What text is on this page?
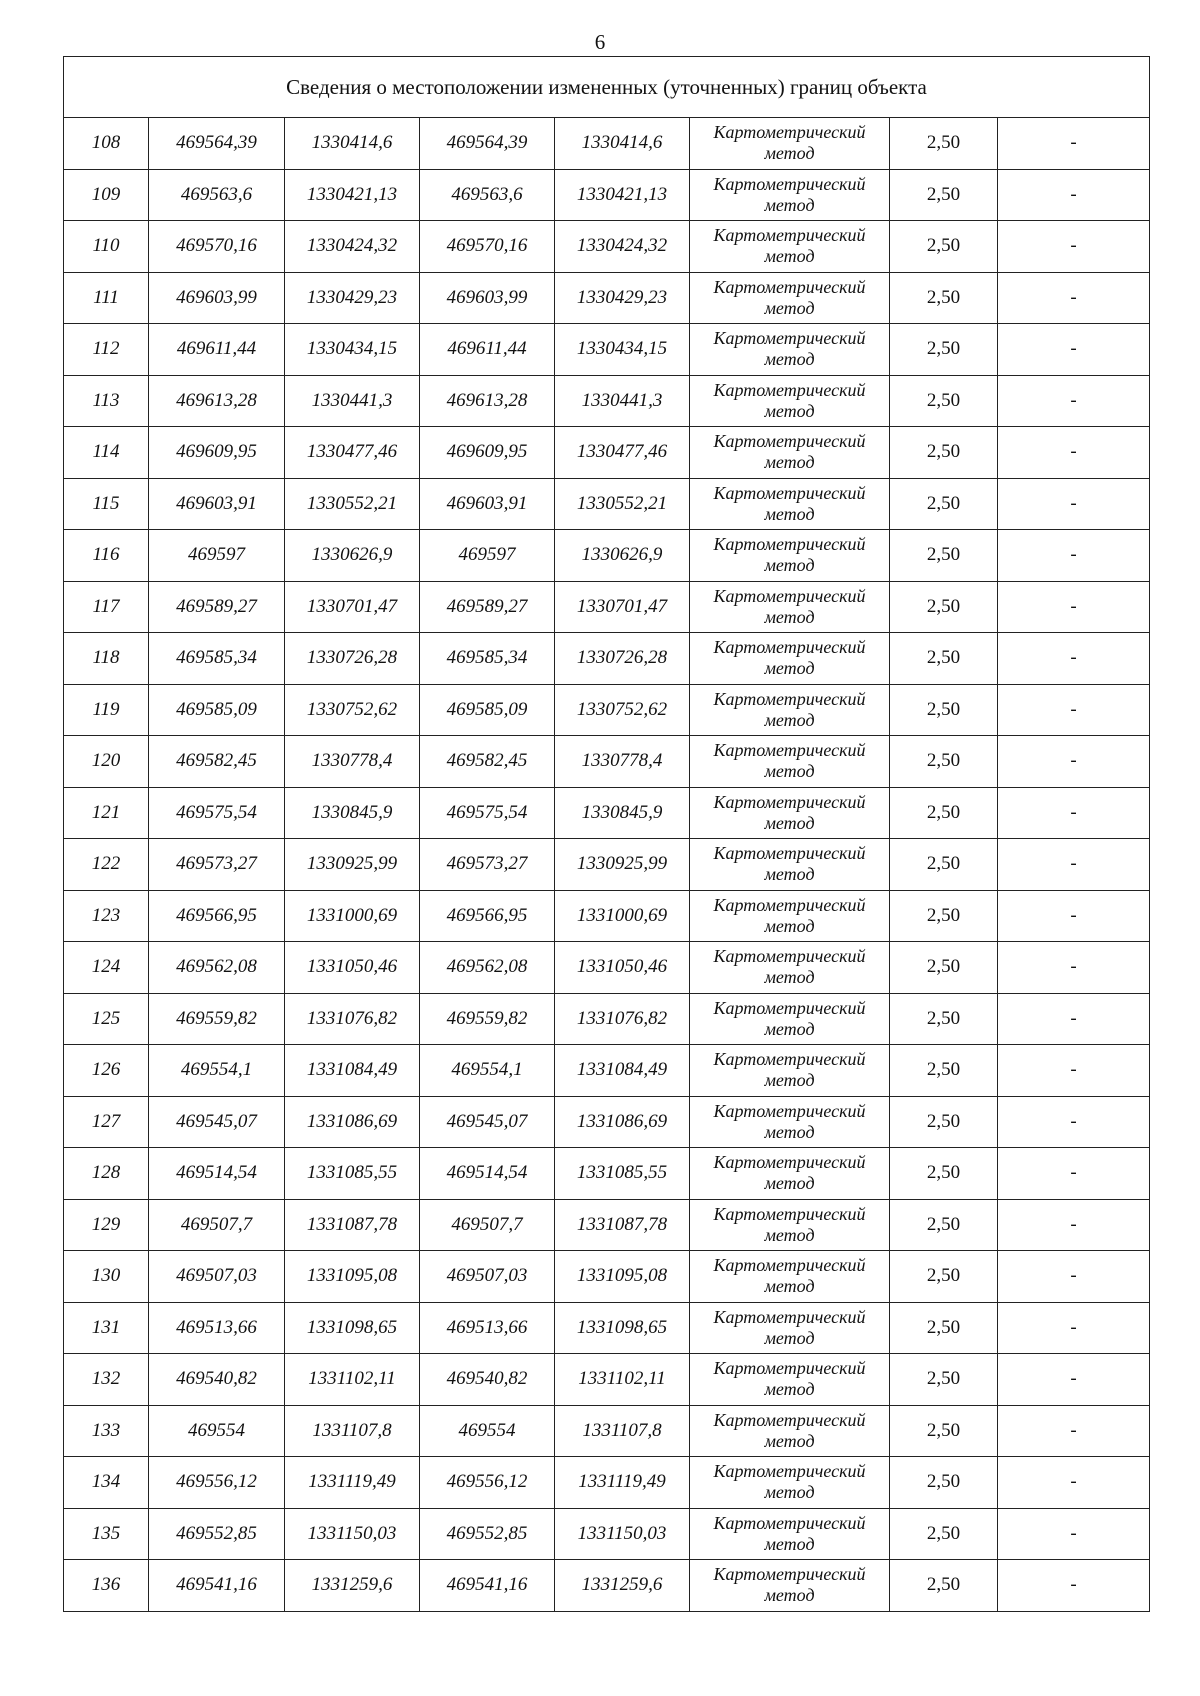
6
Сведения о местоположении измененных (уточненных) границ объекта							
108	469564,39	1330414,6	469564,39	1330414,6	Картометрический
метод	2,50	-
109	469563,6	1330421,13	469563,6	1330421,13	Картометрический
метод	2,50	-
110	469570,16	1330424,32	469570,16	1330424,32	Картометрический
метод	2,50	-
111	469603,99	1330429,23	469603,99	1330429,23	Картометрический
метод	2,50	-
112	469611,44	1330434,15	469611,44	1330434,15	Картометрический
метод	2,50	-
113	469613,28	1330441,3	469613,28	1330441,3	Картометрический
метод	2,50	-
114	469609,95	1330477,46	469609,95	1330477,46	Картометрический
метод	2,50	-
115	469603,91	1330552,21	469603,91	1330552,21	Картометрический
метод	2,50	-
116	469597	1330626,9	469597	1330626,9	Картометрический
метод	2,50	-
117	469589,27	1330701,47	469589,27	1330701,47	Картометрический
метод	2,50	-
118	469585,34	1330726,28	469585,34	1330726,28	Картометрический
метод	2,50	-
119	469585,09	1330752,62	469585,09	1330752,62	Картометрический
метод	2,50	-
120	469582,45	1330778,4	469582,45	1330778,4	Картометрический
метод	2,50	-
121	469575,54	1330845,9	469575,54	1330845,9	Картометрический
метод	2,50	-
122	469573,27	1330925,99	469573,27	1330925,99	Картометрический
метод	2,50	-
123	469566,95	1331000,69	469566,95	1331000,69	Картометрический
метод	2,50	-
124	469562,08	1331050,46	469562,08	1331050,46	Картометрический
метод	2,50	-
125	469559,82	1331076,82	469559,82	1331076,82	Картометрический
метод	2,50	-
126	469554,1	1331084,49	469554,1	1331084,49	Картометрический
метод	2,50	-
127	469545,07	1331086,69	469545,07	1331086,69	Картометрический
метод	2,50	-
128	469514,54	1331085,55	469514,54	1331085,55	Картометрический
метод	2,50	-
129	469507,7	1331087,78	469507,7	1331087,78	Картометрический
метод	2,50	-
130	469507,03	1331095,08	469507,03	1331095,08	Картометрический
метод	2,50	-
131	469513,66	1331098,65	469513,66	1331098,65	Картометрический
метод	2,50	-
132	469540,82	1331102,11	469540,82	1331102,11	Картометрический
метод	2,50	-
133	469554	1331107,8	469554	1331107,8	Картометрический
метод	2,50	-
134	469556,12	1331119,49	469556,12	1331119,49	Картометрический
метод	2,50	-
135	469552,85	1331150,03	469552,85	1331150,03	Картометрический
метод	2,50	-
136	469541,16	1331259,6	469541,16	1331259,6	Картометрический
метод	2,50	-
